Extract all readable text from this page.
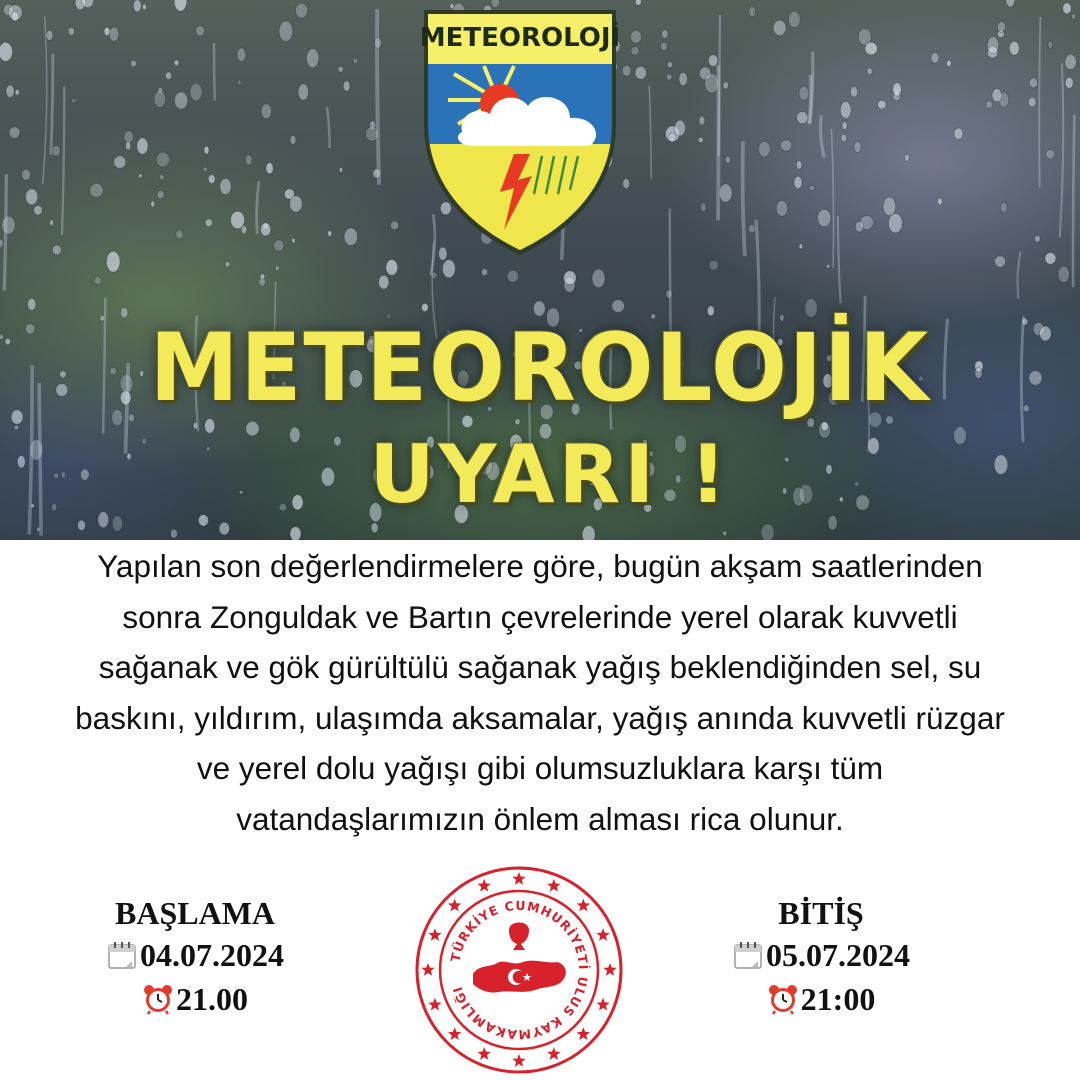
METEOROLOJİ
METEOROLOJİK
UYARI !
Yapılan son değerlendirmelere göre, bugün akşam saatlerinden
sonra Zonguldak ve Bartın çevrelerinde yerel olarak kuvvetli
sağanak ve gök gürültülü sağanak yağış beklendiğinden sel, su
baskını, yıldırım, ulaşımda aksamalar, yağış anında kuvvetli rüzgar
ve yerel dolu yağışı gibi olumsuzluklara karşı tüm
vatandaşlarımızın önlem alması rica olunur.
BAŞLAMA
04.07.2024
21.00
TÜRKİYE CUMHURİYETİ ULUS KAYMAKAMLIĞI
BİTİŞ
05.07.2024
21:00
